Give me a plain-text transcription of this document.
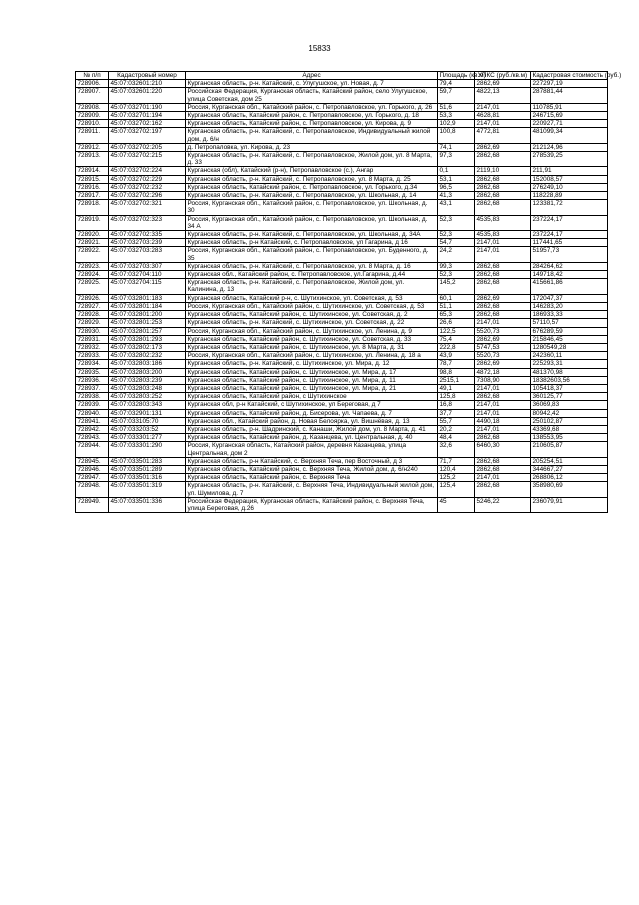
15833
№ п/п	Кадастровый номер	Адрес	Площадь (кв.м)	УПКС (руб./кв.м)	Кадастровая стоимость (руб.)
728906.	45:07:032601:210	Курганская область, р-н. Катайский, с. Улугушское, ул. Новая, д. 7	79,4	2862,69	227297,19
728907.	45:07:032601:220	Российская Федерация, Курганская область, Катайский район, село Улугушское, улица Советская, дом 25	59,7	4822,13	287881,44
728908.	45:07:032701:190	Россия, Курганская обл., Катайский район, с. Петропавловское, ул. Горького, д. 26	51,6	2147,01	110785,91
728909.	45:07:032701:194	Курганская область, Катайский район, с. Петропавловское, ул. Горького, д. 18	53,3	4628,81	246715,69
728910.	45:07:032702:162	Курганская область, Катайский район, с. Петропавловское, ул. Кирова, д. 9	102,9	2147,01	220927,71
728911.	45:07:032702:197	Курганская область, р-н. Катайский, с. Петропавловское, Индивидуальный жилой дом, д. 6/н	100,8	4772,81	481099,34
728912.	45:07:032702:205	д. Петропаловка, ул. Кирова, д. 23	74,1	2862,69	212124,96
728913.	45:07:032702:215	Курганская область, р-н. Катайский, с. Петропавловское, Жилой дом, ул. 8 Марта, д. 33	97,3	2862,68	278539,25
728914.	45:07:032702:224	Курганская (обл), Катайский (р-н), Петропавловское (с.), Ангар	0,1	2119,10	211,91
728915.	45:07:032702:229	Курганская область, р-н. Катайский, с. Петропавловское, ул. 8 Марта, д. 25	53,1	2862,68	152008,57
728916.	45:07:032702:232	Курганская область, Катайский район, с. Петропавловское, ул. Горького, д.34	96,5	2862,68	276249,10
728917.	45:07:032702:296	Курганская область, р-н. Катайский, с. Петропавловское, ул. Школьная, д. 14	41,3	2862,68	118228,89
728918.	45:07:032702:321	Россия, Курганская обл., Катайский район, с. Петропавловское, ул. Школьная, д. 30	43,1	2862,68	123381,72
728919.	45:07:032702:323	Россия, Курганская обл., Катайский район, с. Петропавловское, ул. Школьная, д. 34 А	52,3	4535,83	237224,17
728920.	45:07:032702:335	Курганская область, р-н. Катайский, с. Петропавловское, ул. Школьная, д. 34А	52,3	4535,83	237224,17
728921.	45:07:032703:239	Курганская область, р-н Катайский, с. Петропавловское, ул Гагарина, д 16	54,7	2147,01	117441,65
728922.	45:07:032703:283	Россия, Курганская обл., Катайский район, с. Петропавловское, ул. Буденного, д. 35	24,2	2147,01	51957,73
728923.	45:07:032703:307	Курганская область, р-н. Катайский, с. Петропавловское, ул. 8 Марта, д. 16	99,3	2862,68	284264,62
728924.	45:07:032704:110	Курганская обл., Катайский район, с. Петропавловское, ул.Гагарина, д.44	52,3	2862,68	149718,42
728925.	45:07:032704:115	Курганская область, р-н. Катайский, с. Петропавловское, Жилой дом, ул. Калинина, д. 13	145,2	2862,68	415661,86
728926.	45:07:032801:183	Курганская область, Катайский р-н, с. Шутихинское, ул. Советская, д. 53	60,1	2862,69	172047,37
728927.	45:07:032801:184	Россия, Курганская обл., Катайский район, с. Шутихинское, ул. Советская, д. 53	51,1	2862,68	146283,20
728928.	45:07:032801:200	Курганская область, Катайский район, с. Шутихинское, ул. Советская, д. 2	65,3	2862,68	186933,33
728929.	45:07:032801:253	Курганская область, р-н. Катайский, с. Шутихинское, ул. Советская, д. 22	26,6	2147,01	57110,57
728930.	45:07:032801:257	Россия, Курганская обл., Катайский район, с. Шутихинское, ул. Ленина, д. 9	122,5	5520,73	676289,59
728931.	45:07:032801:293	Курганская область, Катайский район, с. Шутихинское, ул. Советская, д. 33	75,4	2862,69	215846,45
728932.	45:07:032802:173	Курганская область, Катайский район, с. Шутихинское, ул. 8 Марта, д. 31	222,8	5747,53	1280549,28
728933.	45:07:032802:232	Россия, Курганская обл., Катайский район, с. Шутихинское, ул. Ленина, д. 18 а	43,9	5520,73	242360,11
728934.	45:07:032803:186	Курганская область, р-н. Катайский, с. Шутихинское, ул. Мира, д. 12	78,7	2862,69	225293,31
728935.	45:07:032803:200	Курганская область, Катайский район, с. Шутихинское, ул. Мира, д. 17	98,8	4872,18	481370,98
728936.	45:07:032803:239	Курганская область, Катайский район, с. Шутихинское, ул. Мира, д. 11	2515,1	7308,90	18382603,56
728937.	45:07:032803:248	Курганская область, Катайский район, с. Шутихинское, ул. Мира, д. 21	49,1	2147,01	105418,37
728938.	45:07:032803:252	Курганская область, Катайский район, с Шутихинское	125,8	2862,68	360125,77
728939.	45:07:032803:343	Курганская обл, р-н Катайский, с Шутихинское, ул Береговая, д 7	16,8	2147,01	36069,83
728940.	45:07:032901:131	Курганская область, Катайский район, д. Бисерова, ул. Чапаева, д. 7	37,7	2147,01	80942,42
728941.	45:07:033105:70	Курганская обл., Катайский район, д. Новая Белоярка, ул. Вишнёвая, д. 13	55,7	4490,18	250102,87
728942.	45:07:033203:52	Курганская область, р-н. Шадринский, с. Канаши, Жилой дом, ул. 8 Марта, д. 41	20,2	2147,01	43369,68
728943.	45:07:033301:277	Курганская область, Катайский район, д. Казанцева, ул. Центральная, д. 40	48,4	2862,68	138553,95
728944.	45:07:033301:290	Россия, Курганская область, Катайский район, деревня Казанцева, улица Центральная, дом 2	32,6	6460,30	210605,87
728945.	45:07:033501:283	Курганская область, р-н Катайский, с. Верхняя Теча, пер Восточный, д 3	71,7	2862,68	205254,51
728946.	45:07:033501:289	Курганская область, Катайский район, с. Верхняя Теча, Жилой дом, д. 6/н240	120,4	2862,68	344667,27
728947.	45:07:033501:316	Курганская область, Катайский район, с. Верхняя Теча	125,2	2147,01	268806,12
728948.	45:07:033501:319	Курганская область, р-н. Катайский, с. Верхняя Теча, Индивидуальный жилой дом, ул. Шумилова, д. 7	125,4	2862,68	358980,69
728949.	45:07:033501:336	Российская Федерация, Курганская область, Катайский район, с. Верхняя Теча, улица Береговая, д.26	45	5246,22	236079,91
